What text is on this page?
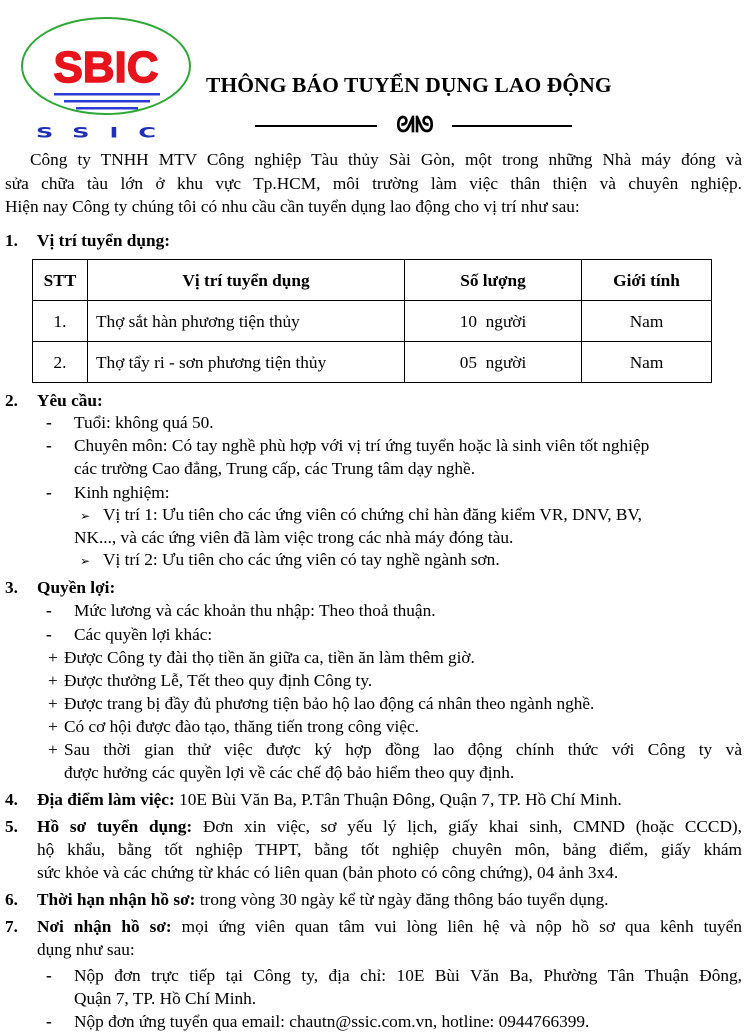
SBIC
SSIC
THÔNG BÁO TUYỂN DỤNG LAO ĐỘNG
ᘛᘚ
Công ty TNHH MTV Công nghiệp Tàu thủy Sài Gòn, một trong những Nhà máy đóng và
sửa chữa tàu lớn ở khu vực Tp.HCM, môi trường làm việc thân thiện và chuyên nghiệp.
Hiện nay Công ty chúng tôi có nhu cầu cần tuyển dụng lao động cho vị trí như sau:
1. Vị trí tuyển dụng:
STT	Vị trí tuyển dụng	Số lượng	Giới tính
1.	Thợ sắt hàn phương tiện thủy	10  người	Nam
2.	Thợ tẩy ri - sơn phương tiện thủy	05  người	Nam
2. Yêu cầu:
- Tuổi: không quá 50.
- Chuyên môn: Có tay nghề phù hợp với vị trí ứng tuyển hoặc là sinh viên tốt nghiệp
các trường Cao đẳng, Trung cấp, các Trung tâm dạy nghề.
- Kinh nghiệm:
➢ Vị trí 1: Ưu tiên cho các ứng viên có chứng chỉ hàn đăng kiểm VR, DNV, BV,
NK..., và các ứng viên đã làm việc trong các nhà máy đóng tàu.
➢ Vị trí 2: Ưu tiên cho các ứng viên có tay nghề ngành sơn.
3. Quyền lợi:
- Mức lương và các khoản thu nhập: Theo thoả thuận.
- Các quyền lợi khác:
+ Được Công ty đài thọ tiền ăn giữa ca, tiền ăn làm thêm giờ.
+ Được thưởng Lễ, Tết theo quy định Công ty.
+ Được trang bị đầy đủ phương tiện bảo hộ lao động cá nhân theo ngành nghề.
+ Có cơ hội được đào tạo, thăng tiến trong công việc.
+ Sau thời gian thử việc được ký hợp đồng lao động chính thức với Công ty và
được hưởng các quyền lợi về các chế độ bảo hiểm theo quy định.
4. Địa điểm làm việc: 10E Bùi Văn Ba, P.Tân Thuận Đông, Quận 7, TP. Hồ Chí Minh.
5. Hồ sơ tuyển dụng: Đơn xin việc, sơ yếu lý lịch, giấy khai sinh, CMND (hoặc CCCD),
hộ khẩu, bằng tốt nghiệp THPT, bằng tốt nghiệp chuyên môn, bảng điểm, giấy khám
sức khỏe và các chứng từ khác có liên quan (bản photo có công chứng), 04 ảnh 3x4.
6. Thời hạn nhận hồ sơ: trong vòng 30 ngày kể từ ngày đăng thông báo tuyển dụng.
7. Nơi nhận hồ sơ: mọi ứng viên quan tâm vui lòng liên hệ và nộp hồ sơ qua kênh tuyển
dụng như sau:
- Nộp đơn trực tiếp tại Công ty, địa chỉ: 10E Bùi Văn Ba, Phường Tân Thuận Đông,
Quận 7, TP. Hồ Chí Minh.
- Nộp đơn ứng tuyển qua email: chautn@ssic.com.vn, hotline: 0944766399.
